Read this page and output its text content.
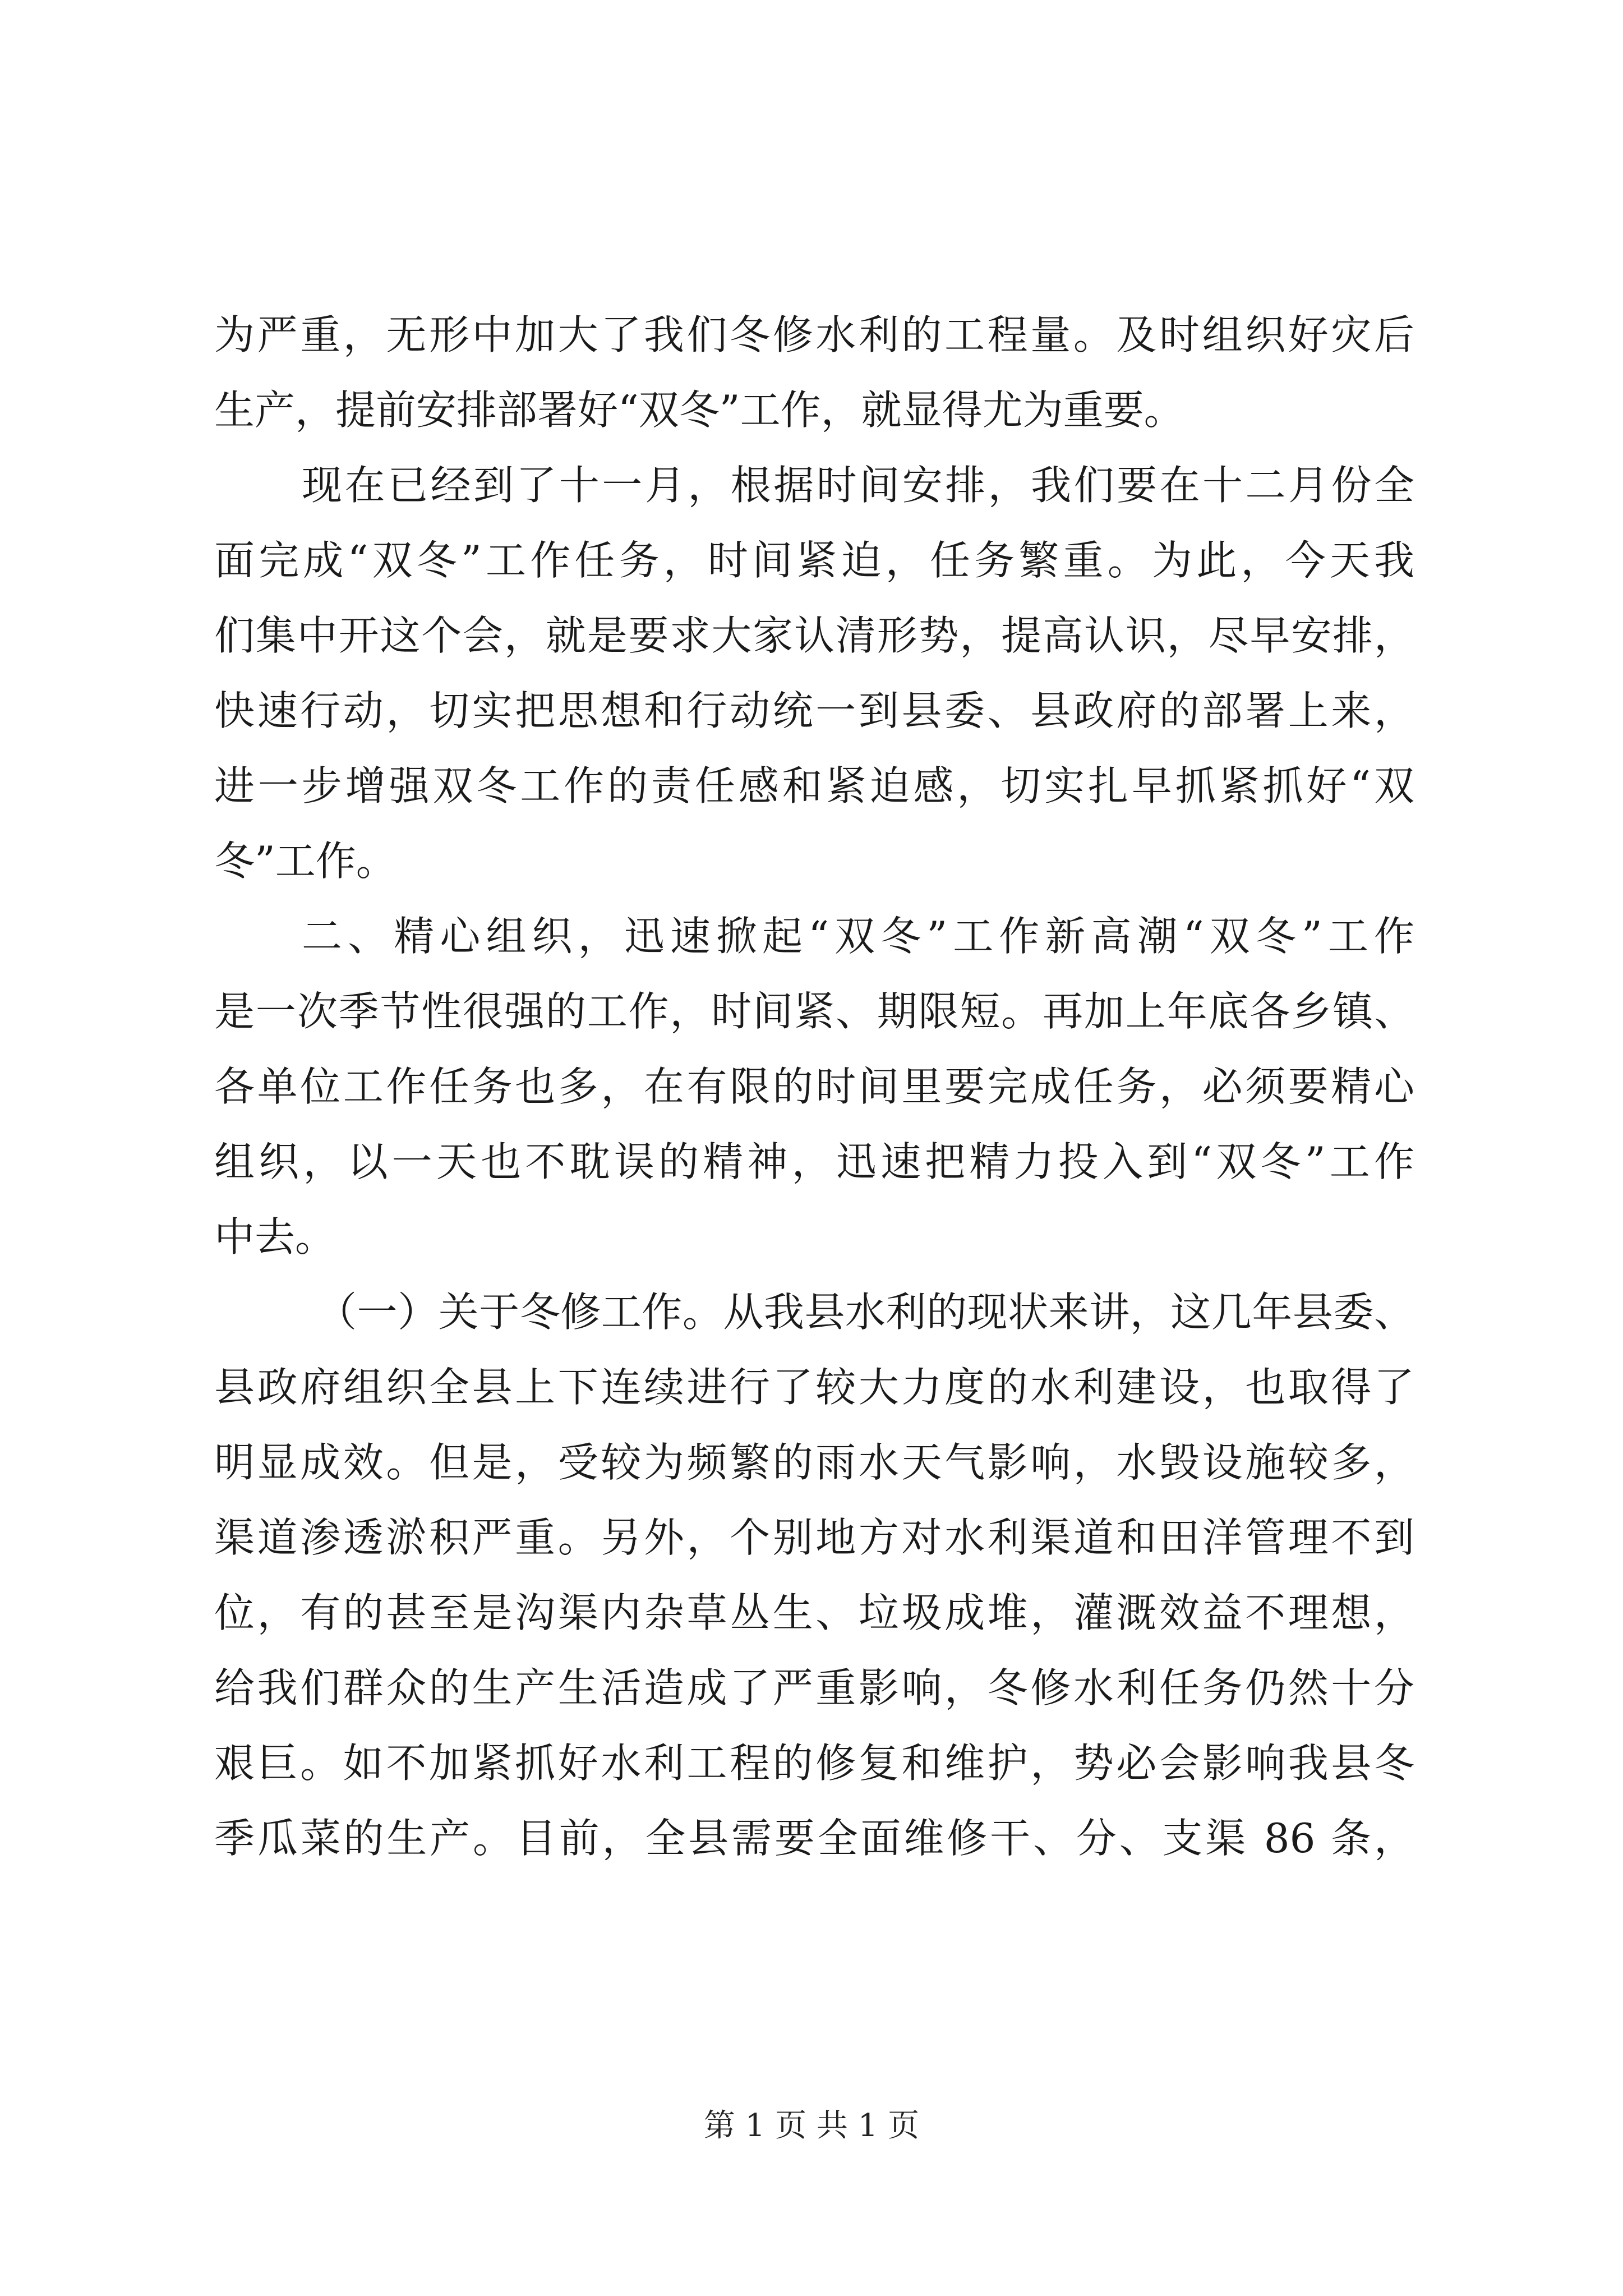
为严重，无形中加大了我们冬修水利的工程量。及时组织好灾后
生产，提前安排部署好“双冬”工作，就显得尤为重要。
现在已经到了十一月，根据时间安排，我们要在十二月份全
面完成“双冬”工作任务，时间紧迫，任务繁重。为此，今天我
们集中开这个会，就是要求大家认清形势，提高认识，尽早安排，
快速行动，切实把思想和行动统一到县委、县政府的部署上来，
进一步增强双冬工作的责任感和紧迫感，切实扎早抓紧抓好“双
冬”工作。
二、精心组织，迅速掀起“双冬”工作新高潮“双冬”工作
是一次季节性很强的工作，时间紧、期限短。再加上年底各乡镇、
各单位工作任务也多，在有限的时间里要完成任务，必须要精心
组织，以一天也不耽误的精神，迅速把精力投入到“双冬”工作
中去。
（一）关于冬修工作。从我县水利的现状来讲，这几年县委、
县政府组织全县上下连续进行了较大力度的水利建设，也取得了
明显成效。但是，受较为频繁的雨水天气影响，水毁设施较多，
渠道渗透淤积严重。另外，个别地方对水利渠道和田洋管理不到
位，有的甚至是沟渠内杂草丛生、垃圾成堆，灌溉效益不理想，
给我们群众的生产生活造成了严重影响，冬修水利任务仍然十分
艰巨。如不加紧抓好水利工程的修复和维护，势必会影响我县冬
季瓜菜的生产。目前，全县需要全面维修干、分、支渠 86 条，
第 1 页 共 1 页
